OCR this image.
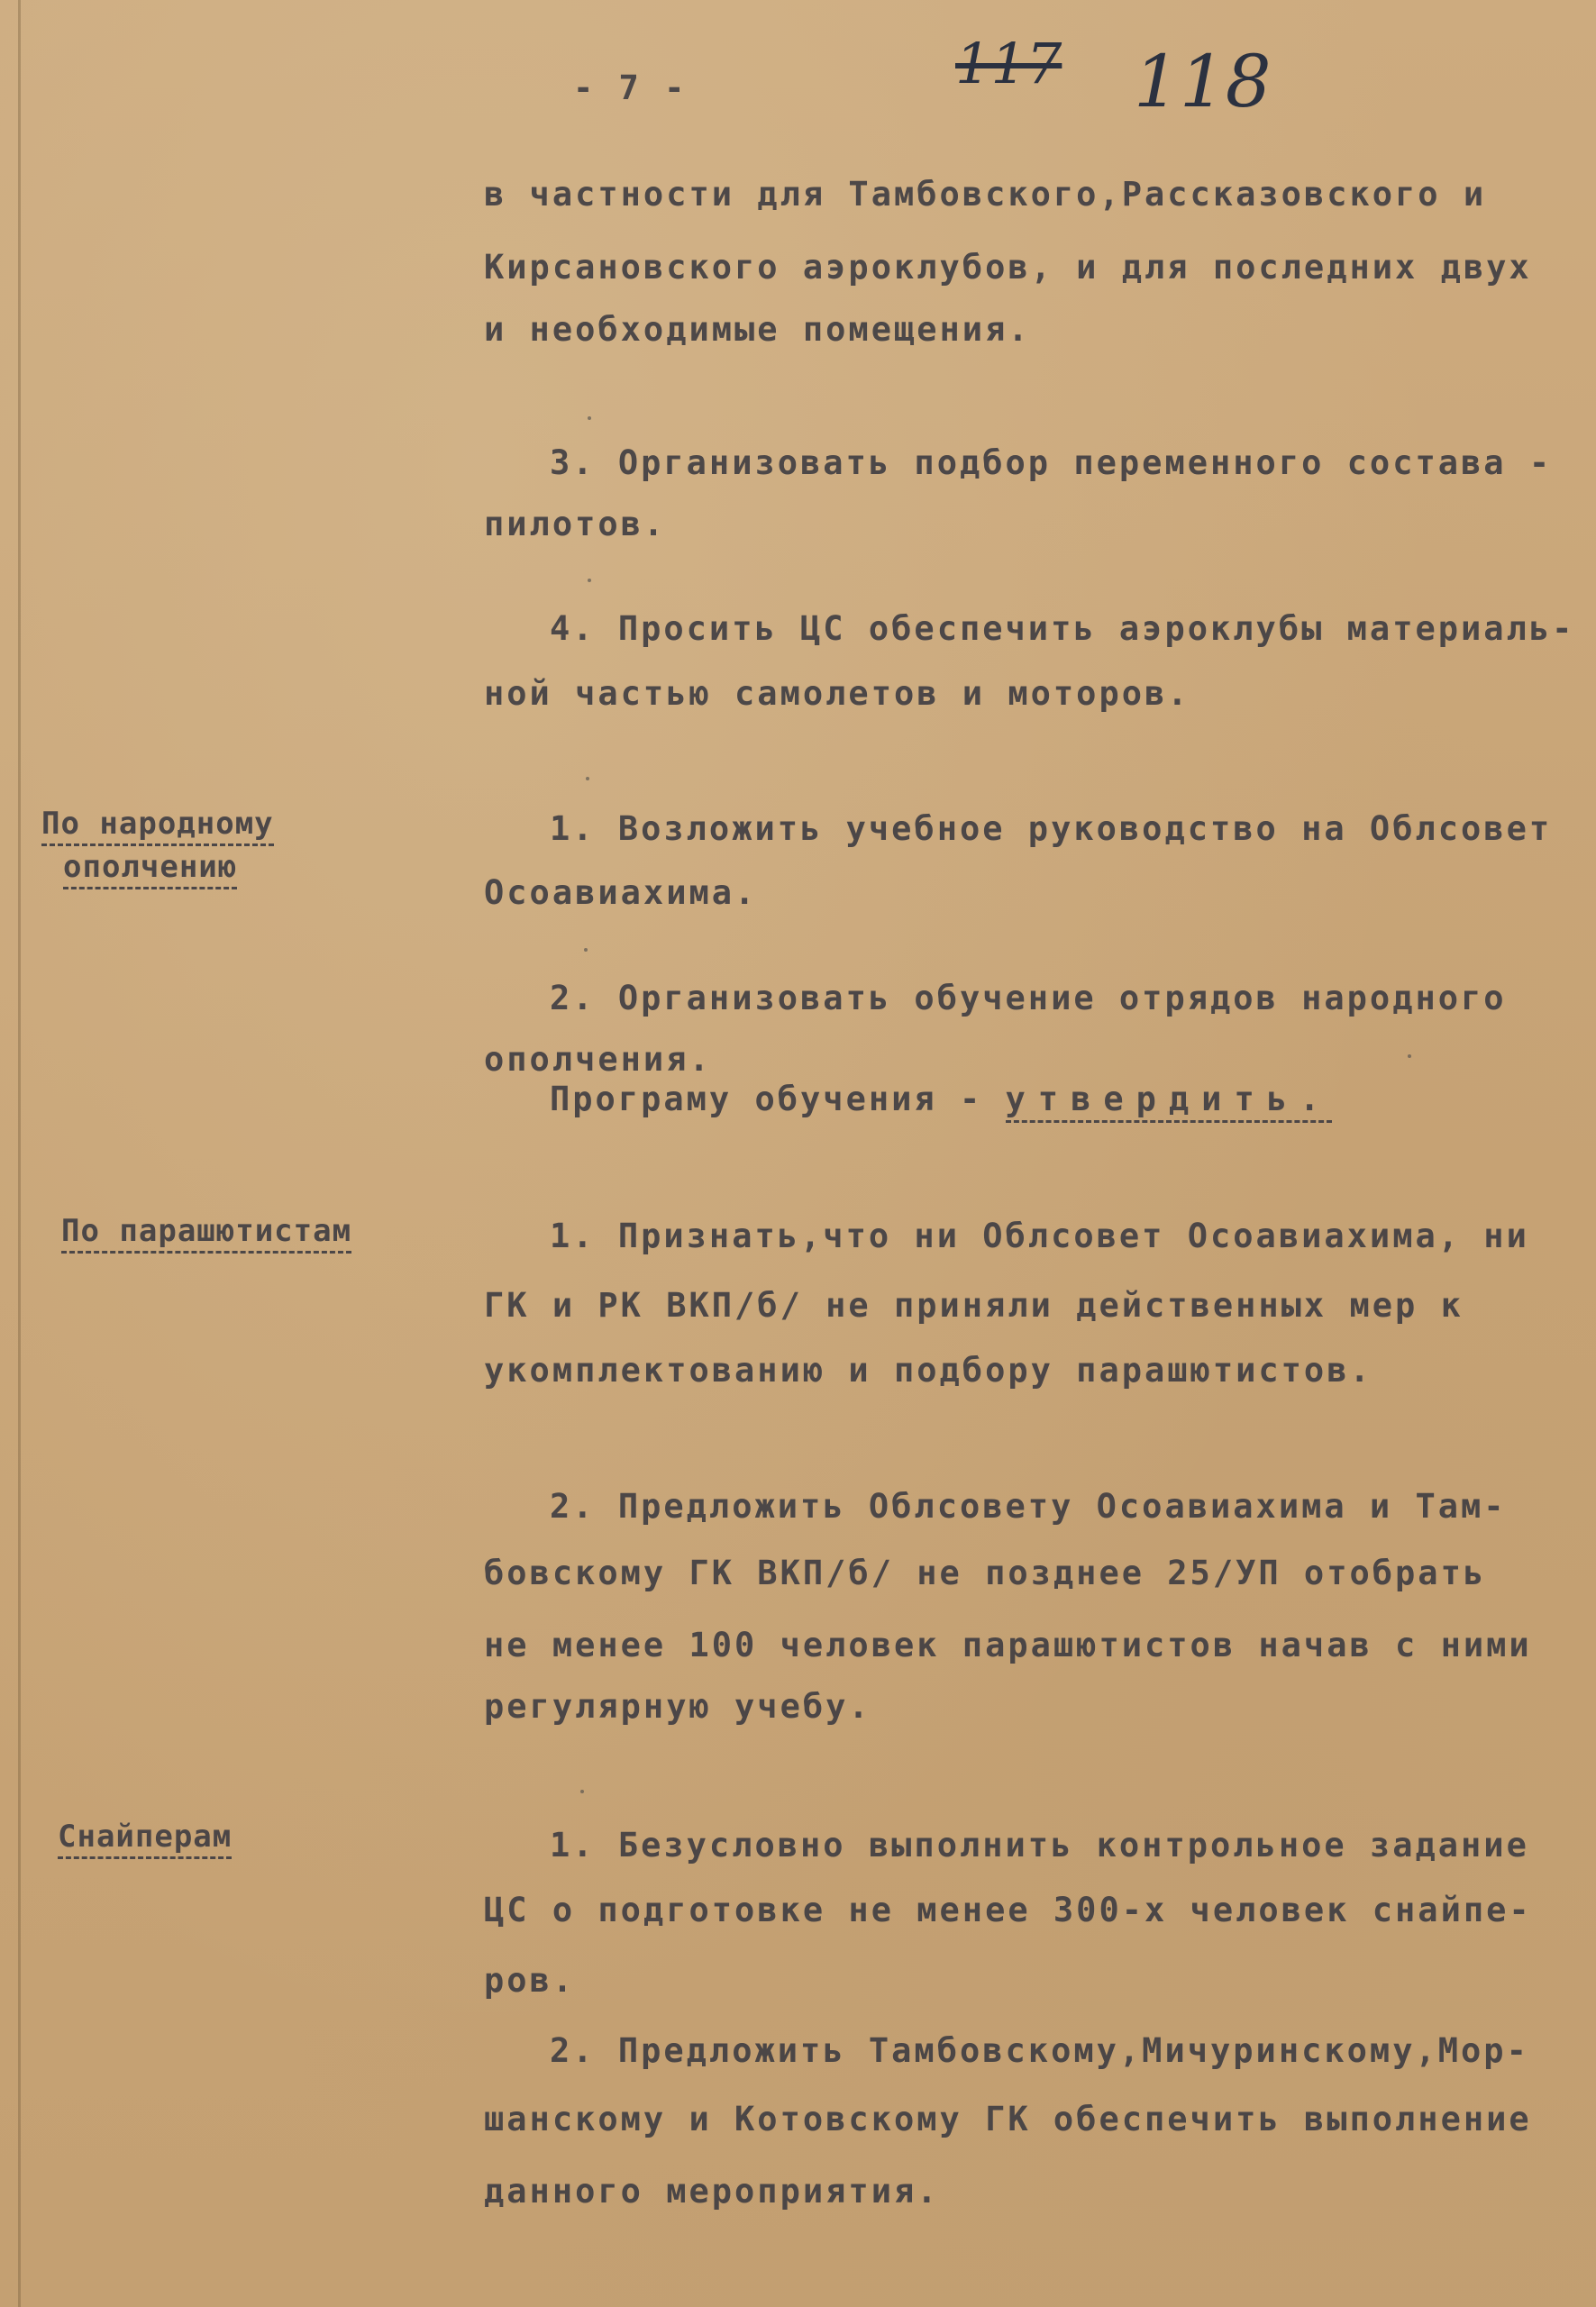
- 7 -	117 118
в частности для Тамбовского,Рассказовского и
Кирсановского аэроклубов, и для последних двух
и необходимые помещения.
3. Организовать подбор переменного состава -
пилотов.
4. Просить ЦС обеспечить аэроклубы материаль-
ной частью самолетов и моторов.
По народному
ополчению
1. Возложить учебное руководство на Облсовет
Осоавиахима.
2. Организовать обучение отрядов народного
ополчения.
Програму обучения - утвердить.
По парашютистам	1. Признать,что ни Облсовет Осоавиахима, ни
ГК и РК ВКП/б/ не приняли действенных мер к
укомплектованию и подбору парашютистов.
2. Предложить Облсовету Осоавиахима и Там-
бовскому ГК ВКП/б/ не позднее 25/УП отобрать
не менее 100 человек парашютистов начав с ними
регулярную учебу.
Снайперам	1. Безусловно выполнить контрольное задание
ЦС о подготовке не менее 300-х человек снайпе-
ров.
2. Предложить Тамбовскому,Мичуринскому,Мор-
шанскому и Котовскому ГК обеспечить выполнение
данного мероприятия.
